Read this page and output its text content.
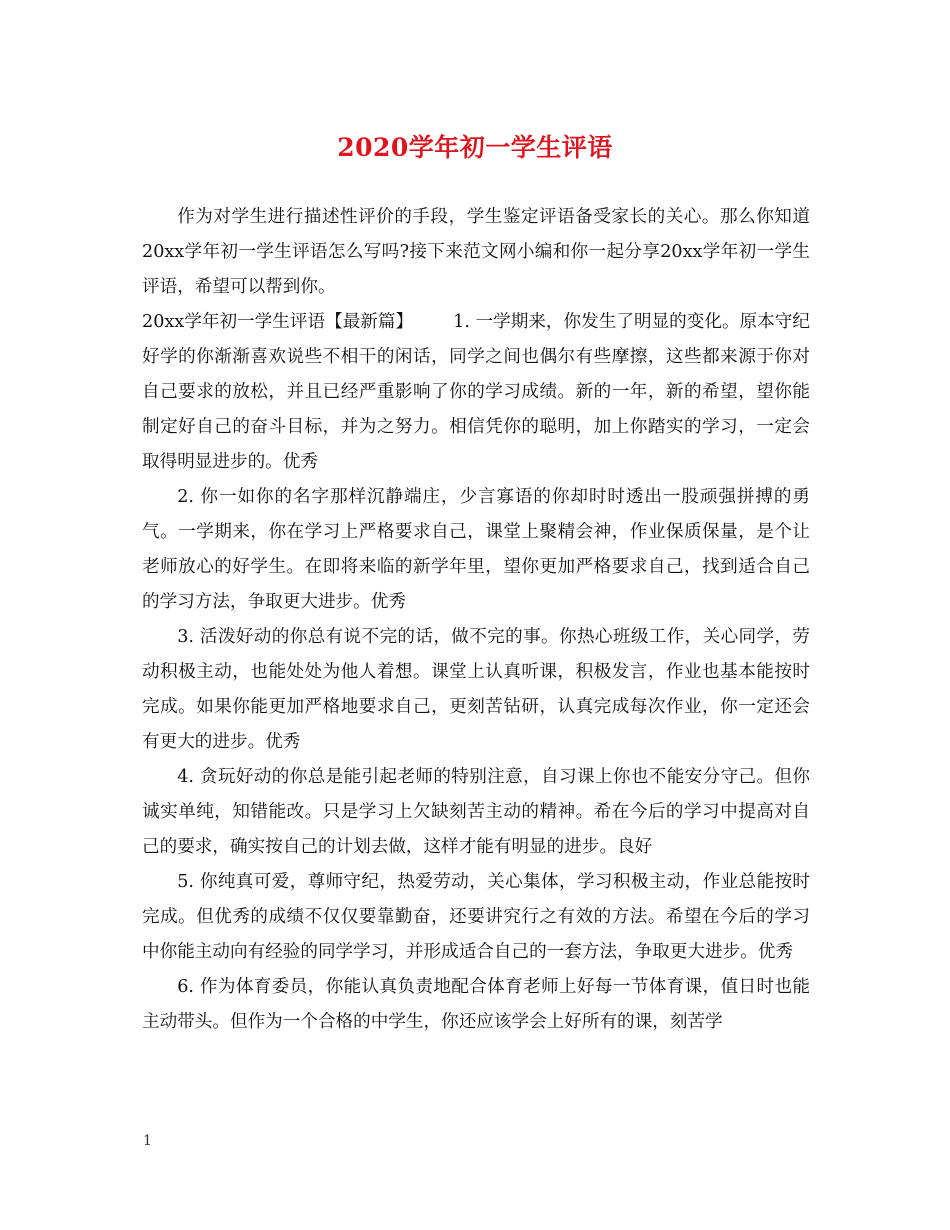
2020学年初一学生评语

作为对学生进行描述性评价的手段，学生鉴定评语备受家长的关心。那么你知道20xx学年初一学生评语怎么写吗?接下来范文网小编和你一起分享20xx学年初一学生评语，希望可以帮到你。

20xx学年初一学生评语【最新篇】 1. 一学期来，你发生了明显的变化。原本守纪好学的你渐渐喜欢说些不相干的闲话，同学之间也偶尔有些摩擦，这些都来源于你对自己要求的放松，并且已经严重影响了你的学习成绩。新的一年，新的希望，望你能制定好自己的奋斗目标，并为之努力。相信凭你的聪明，加上你踏实的学习，一定会取得明显进步的。优秀

2. 你一如你的名字那样沉静端庄，少言寡语的你却时时透出一股顽强拼搏的勇气。一学期来，你在学习上严格要求自己，课堂上聚精会神，作业保质保量，是个让老师放心的好学生。在即将来临的新学年里，望你更加严格要求自己，找到适合自己的学习方法，争取更大进步。优秀

3. 活泼好动的你总有说不完的话，做不完的事。你热心班级工作，关心同学，劳动积极主动，也能处处为他人着想。课堂上认真听课，积极发言，作业也基本能按时完成。如果你能更加严格地要求自己，更刻苦钻研，认真完成每次作业，你一定还会有更大的进步。优秀

4. 贪玩好动的你总是能引起老师的特别注意，自习课上你也不能安分守己。但你诚实单纯，知错能改。只是学习上欠缺刻苦主动的精神。希在今后的学习中提高对自己的要求，确实按自己的计划去做，这样才能有明显的进步。良好

5. 你纯真可爱，尊师守纪，热爱劳动，关心集体，学习积极主动，作业总能按时完成。但优秀的成绩不仅仅要靠勤奋，还要讲究行之有效的方法。希望在今后的学习中你能主动向有经验的同学学习，并形成适合自己的一套方法，争取更大进步。优秀

6. 作为体育委员，你能认真负责地配合体育老师上好每一节体育课，值日时也能主动带头。但作为一个合格的中学生，你还应该学会上好所有的课，刻苦学

1
